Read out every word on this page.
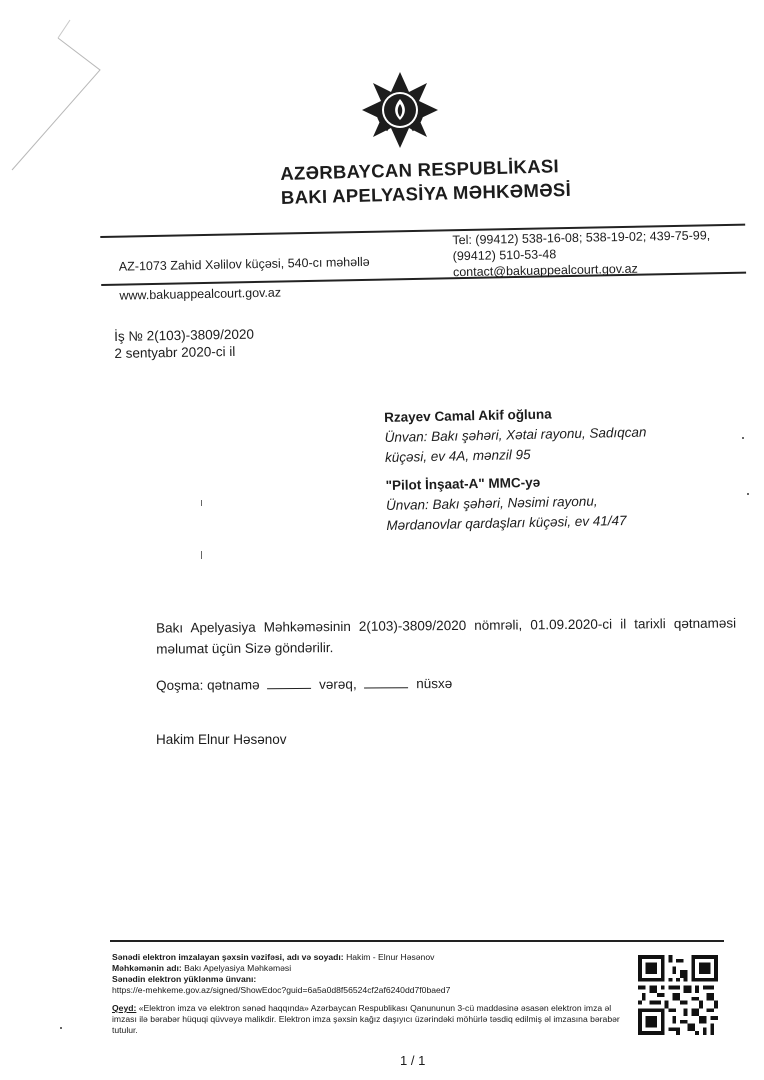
AZƏRBAYCAN RESPUBLİKASI
BAKI APELYASİYA MƏHKƏMƏSİ
AZ-1073 Zahid Xəlilov küçəsi, 540-cı məhəllə
www.bakuappealcourt.gov.az
Tel: (99412) 538-16-08; 538-19-02; 439-75-99,
(99412) 510-53-48
contact@bakuappealcourt.gov.az
İş № 2(103)-3809/2020
2 sentyabr 2020-ci il
Rzayev Camal Akif oğluna
Ünvan: Bakı şəhəri, Xətai rayonu, Sadıqcan
küçəsi, ev 4A, mənzil 95
"Pilot İnşaat-A" MMC-yə
Ünvan: Bakı şəhəri, Nəsimi rayonu,
Mərdanovlar qardaşları küçəsi, ev 41/47
Bakı Apelyasiya Məhkəməsinin 2(103)-3809/2020 nömrəli, 01.09.2020-ci il tarixli qətnaməsi məlumat üçün Sizə göndərilir.
Qoşma: qətnamə	vərəq,	nüsxə
Hakim Elnur Həsənov
Sənədi elektron imzalayan şəxsin vəzifəsi, adı və soyadı: Hakim - Elnur Həsənov
Məhkəmənin adı: Bakı Apelyasiya Məhkəməsi
Sənədin elektron yüklənmə ünvanı:
https://e-mehkeme.gov.az/signed/ShowEdoc?guid=6a5a0d8f56524cf2af6240dd7f0baed7
Qeyd: «Elektron imza və elektron sənəd haqqında» Azərbaycan Respublikası Qanununun 3-cü maddəsinə əsasən elektron imza əl imzası ilə bərabər hüquqi qüvvəyə malikdir. Elektron imza şəxsin kağız daşıyıcı üzərindəki möhürlə təsdiq edilmiş əl imzasına bərabər tutulur.
1 / 1
